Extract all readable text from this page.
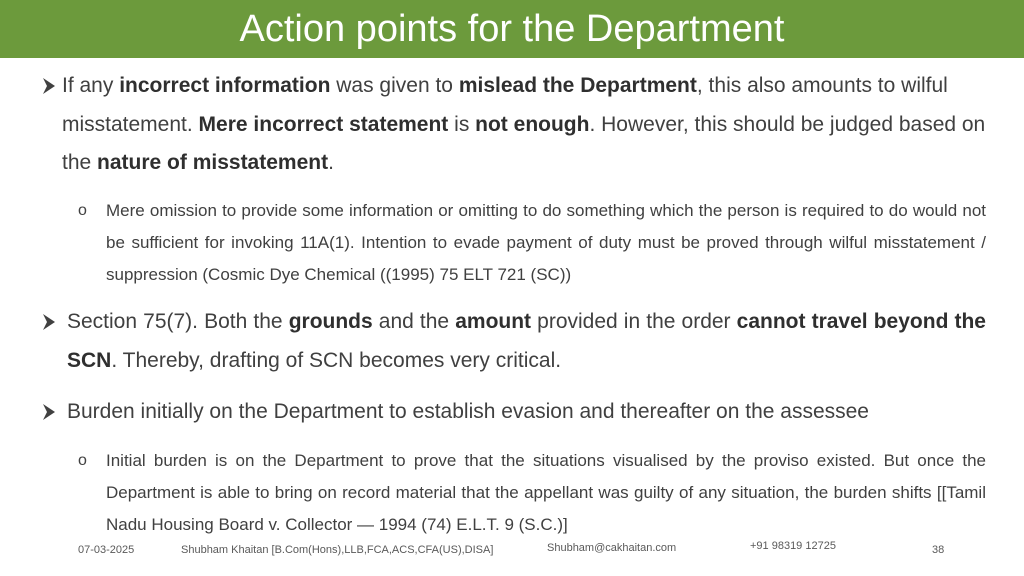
Action points for the Department
If any incorrect information was given to mislead the Department, this also amounts to wilful misstatement. Mere incorrect statement is not enough. However, this should be judged based on the nature of misstatement.
o Mere omission to provide some information or omitting to do something which the person is required to do would not be sufficient for invoking 11A(1). Intention to evade payment of duty must be proved through wilful misstatement / suppression (Cosmic Dye Chemical ((1995) 75 ELT 721 (SC))
Section 75(7). Both the grounds and the amount provided in the order cannot travel beyond the SCN. Thereby, drafting of SCN becomes very critical.
Burden initially on the Department to establish evasion and thereafter on the assessee
o Initial burden is on the Department to prove that the situations visualised by the proviso existed. But once the Department is able to bring on record material that the appellant was guilty of any situation, the burden shifts [[Tamil Nadu Housing Board v. Collector — 1994 (74) E.L.T. 9 (S.C.)]
07-03-2025	Shubham Khaitan [B.Com(Hons),LLB,FCA,ACS,CFA(US),DISA]	Shubham@cakhaitan.com	+91 98319 12725	38
